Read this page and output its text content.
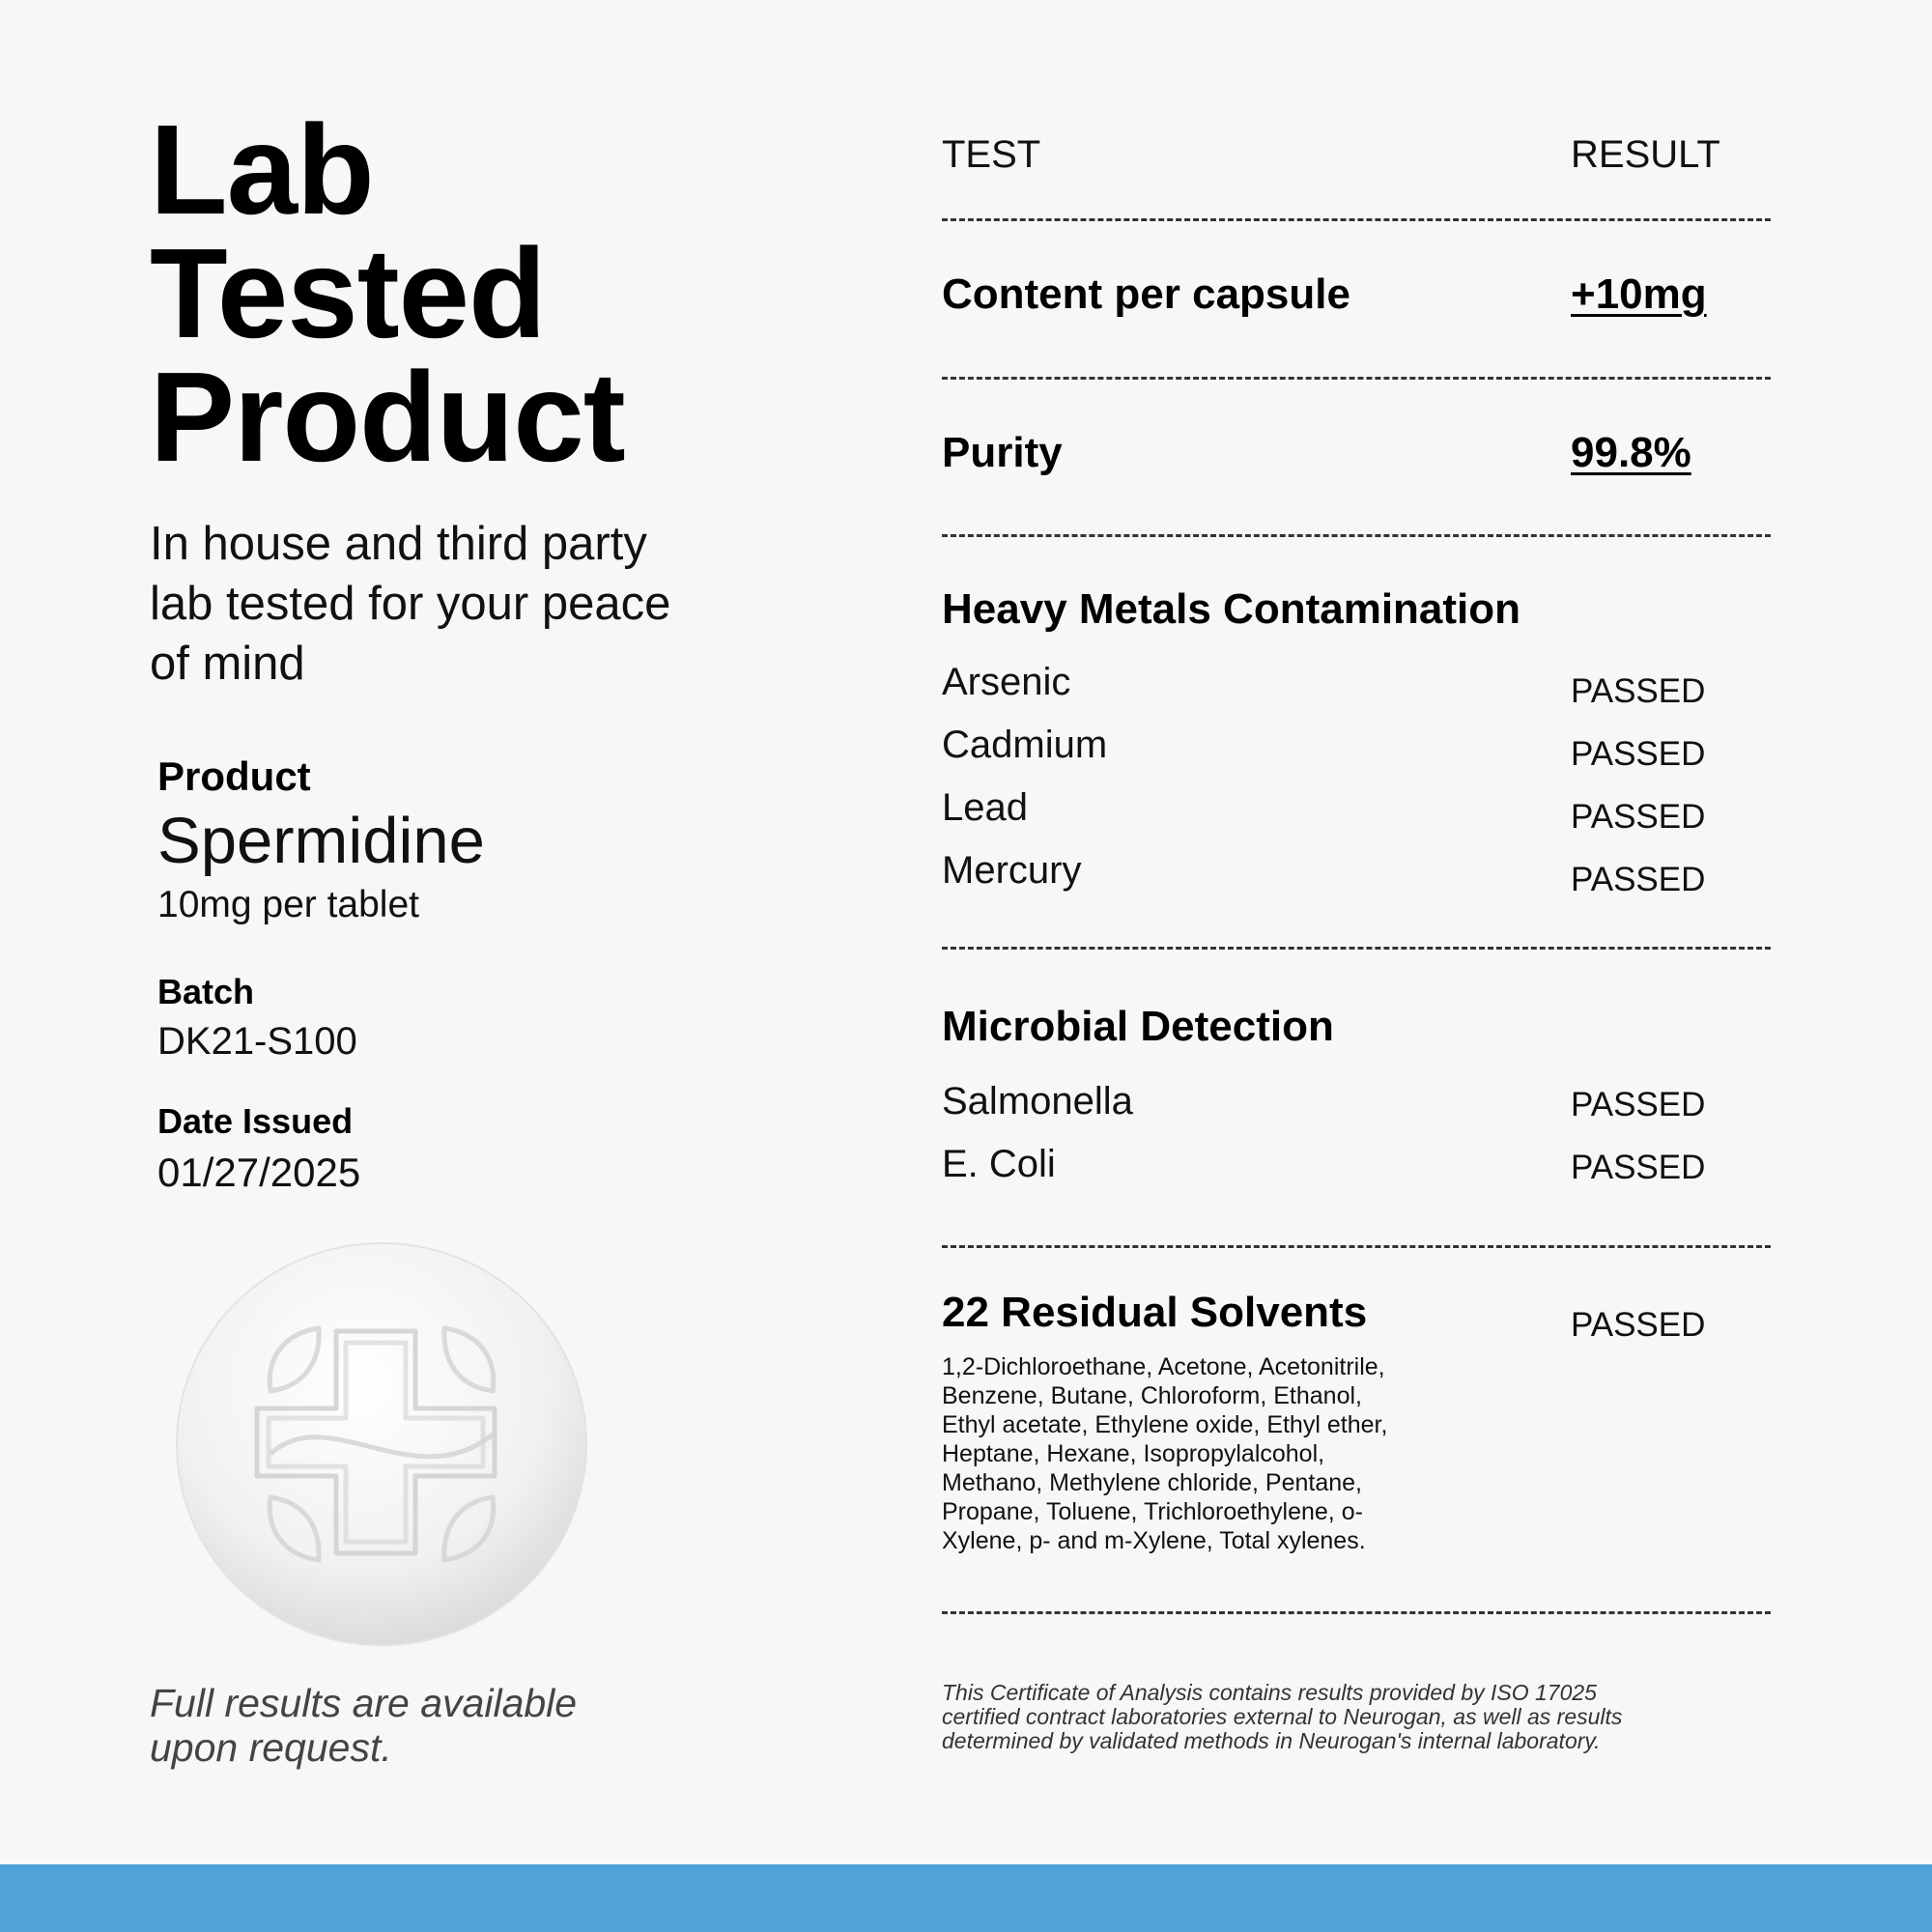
Lab
Tested
Product
In house and third party lab tested for your peace of mind
Product
Spermidine
10mg per tablet
Batch
DK21-S100
Date Issued
01/27/2025
Full results are available
upon request.
TEST	RESULT
Content per capsule	+10mg
Purity	99.8%
Heavy Metals Contamination
Arsenic	PASSED
Cadmium	PASSED
Lead	PASSED
Mercury	PASSED
Microbial Detection
Salmonella	PASSED
E. Coli	PASSED
22 Residual Solvents	PASSED
1,2-Dichloroethane, Acetone, Acetonitrile,
Benzene, Butane, Chloroform, Ethanol,
Ethyl acetate, Ethylene oxide, Ethyl ether,
Heptane, Hexane, Isopropylalcohol,
Methano, Methylene chloride, Pentane,
Propane, Toluene, Trichloroethylene, o-
Xylene, p- and m-Xylene, Total xylenes.
This Certificate of Analysis contains results provided by ISO 17025
certified contract laboratories external to Neurogan, as well as results
determined by validated methods in Neurogan's internal laboratory.
